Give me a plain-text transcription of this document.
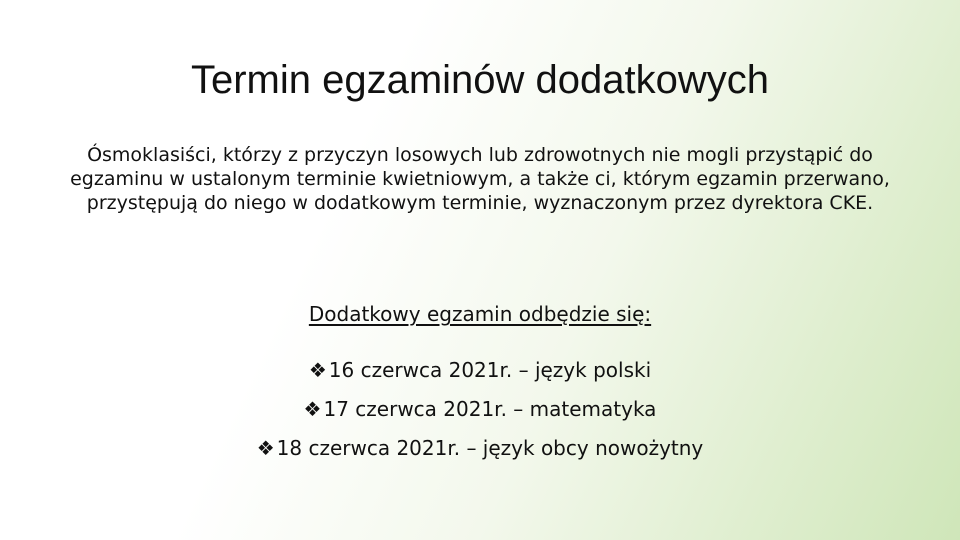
Termin egzaminów dodatkowych

Ósmoklasiści, którzy z przyczyn losowych lub zdrowotnych nie mogli przystąpić do egzaminu w ustalonym terminie kwietniowym, a także ci, którym egzamin przerwano, przystępują do niego w dodatkowym terminie, wyznaczonym przez dyrektora CKE.

Dodatkowy egzamin odbędzie się:

❖ 16 czerwca 2021r. – język polski
❖ 17 czerwca 2021r. – matematyka
❖ 18 czerwca 2021r. – język obcy nowożytny
